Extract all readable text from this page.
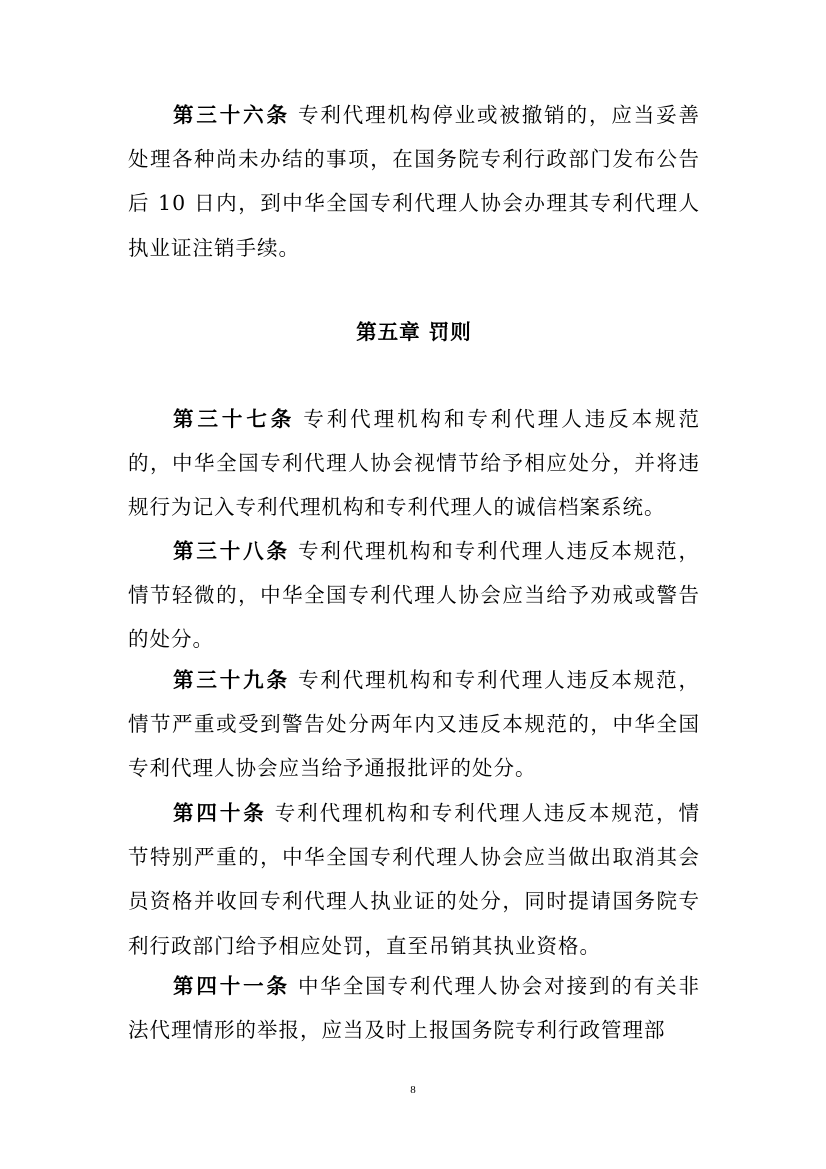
第三十六条 专利代理机构停业或被撤销的，应当妥善处理各种尚未办结的事项，在国务院专利行政部门发布公告后 10 日内，到中华全国专利代理人协会办理其专利代理人执业证注销手续。

第五章 罚则

第三十七条 专利代理机构和专利代理人违反本规范的，中华全国专利代理人协会视情节给予相应处分，并将违规行为记入专利代理机构和专利代理人的诚信档案系统。

第三十八条 专利代理机构和专利代理人违反本规范，情节轻微的，中华全国专利代理人协会应当给予劝戒或警告的处分。

第三十九条 专利代理机构和专利代理人违反本规范，情节严重或受到警告处分两年内又违反本规范的，中华全国专利代理人协会应当给予通报批评的处分。

第四十条 专利代理机构和专利代理人违反本规范，情节特别严重的，中华全国专利代理人协会应当做出取消其会员资格并收回专利代理人执业证的处分，同时提请国务院专利行政部门给予相应处罚，直至吊销其执业资格。

第四十一条 中华全国专利代理人协会对接到的有关非法代理情形的举报，应当及时上报国务院专利行政管理部

8
